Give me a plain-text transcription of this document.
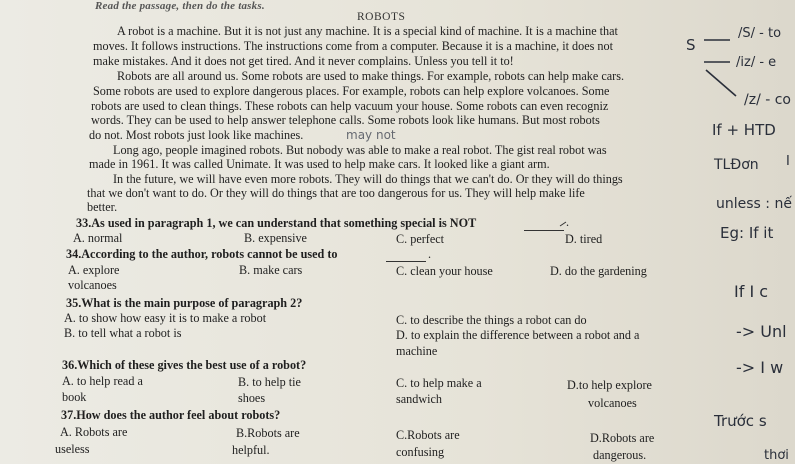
Read the passage, then do the tasks.
ROBOTS
A robot is a machine. But it is not just any machine. It is a special kind of machine. It is a machine that
moves. It follows instructions. The instructions come from a computer. Because it is a machine, it does not
make mistakes. And it does not get tired. And it never complains. Unless you tell it to!
Robots are all around us. Some robots are used to make things. For example, robots can help make cars.
Some robots are used to explore dangerous places. For example, robots can help explore volcanoes. Some
robots are used to clean things. These robots can help vacuum your house. Some robots can even recogniz
words. They can be used to help answer telephone calls. Some robots look like humans. But most robots
do not. Most robots just look like machines.
Long ago, people imagined robots. But nobody was able to make a real robot. The gist real robot was
made in 1961. It was called Unimate. It was used to help make cars. It looked like a giant arm.
In the future, we will have even more robots. They will do things that we can't do. Or they will do things
that we don't want to do. Or they will do things that are too dangerous for us. They will help make life
better.
33.As used in paragraph 1, we can understand that something special is NOT	.
A. normal	B. expensive	C. perfect	D. tired
34.According to the author, robots cannot be used to	.
A. explore
volcanoes
B. make cars	C. clean your house	D. do the gardening
35.What is the main purpose of paragraph 2?
A. to show how easy it is to make a robot	C. to describe the things a robot can do
B. to tell what a robot is	D. to explain the difference between a robot and a
machine
36.Which of these gives the best use of a robot?
A. to help read a
book
B. to help tie
shoes
C. to help make a
sandwich
D.to help explore
volcanoes
37.How does the author feel about robots?
A. Robots are
useless
B.Robots are
helpful.
C.Robots are
confusing
D.Robots are
dangerous.
may not
/S/ - to
S
/iz/ - e
/z/ - co
If + HTD
TLĐơn I
unless : nế
Eg: If it
If I c
-> Unl
-> I w
Trước s
thơi
